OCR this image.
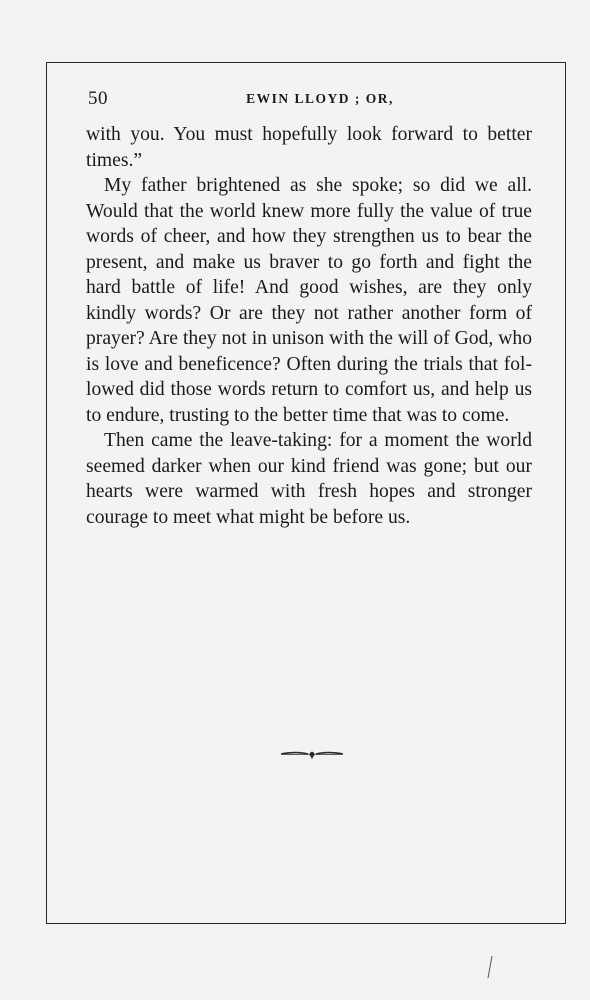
50	EWIN LLOYD ; OR,

with you. You must hopefully look forward to better times.”

My father brightened as she spoke; so did we all. Would that the world knew more fully the value of true words of cheer, and how they strengthen us to bear the present, and make us braver to go forth and fight the hard battle of life! And good wishes, are they only kindly words? Or are they not rather another form of prayer? Are they not in unison with the will of God, who is love and beneficence? Often during the trials that followed did those words return to comfort us, and help us to endure, trusting to the better time that was to come.

Then came the leave-taking: for a moment the world seemed darker when our kind friend was gone; but our hearts were warmed with fresh hopes and stronger courage to meet what might be before us.
